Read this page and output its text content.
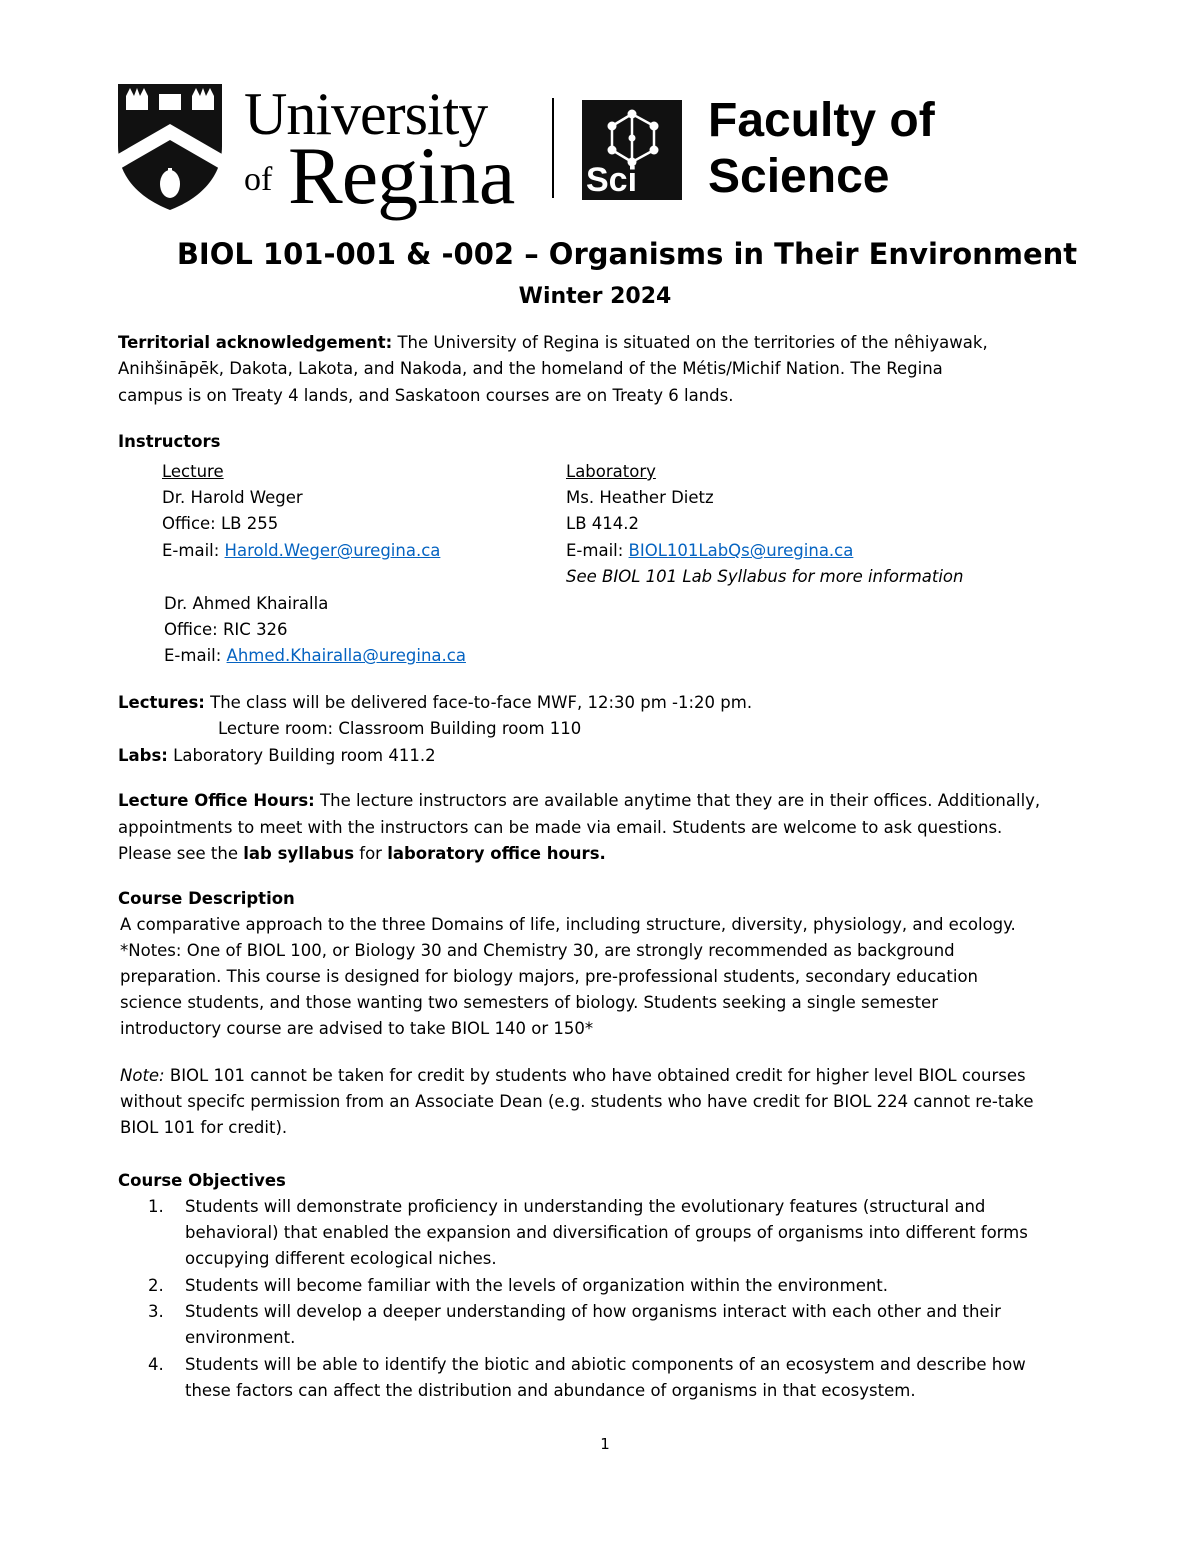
University
of Regina Sci
Faculty of
Science
BIOL 101-001 & -002 – Organisms in Their Environment
Winter 2024
Territorial acknowledgement: The University of Regina is situated on the territories of the nêhiyawak,
Anihšināpēk, Dakota, Lakota, and Nakoda, and the homeland of the Métis/Michif Nation. The Regina
campus is on Treaty 4 lands, and Saskatoon courses are on Treaty 6 lands.
Instructors
Lecture
Dr. Harold Weger
Office: LB 255
E-mail: Harold.Weger@uregina.ca
Laboratory
Ms. Heather Dietz
LB 414.2
E-mail: BIOL101LabQs@uregina.ca
See BIOL 101 Lab Syllabus for more information
Dr. Ahmed Khairalla
Office: RIC 326
E-mail: Ahmed.Khairalla@uregina.ca
Lectures: The class will be delivered face-to-face MWF, 12:30 pm -1:20 pm.
Lecture room: Classroom Building room 110
Labs: Laboratory Building room 411.2
Lecture Office Hours: The lecture instructors are available anytime that they are in their offices. Additionally,
appointments to meet with the instructors can be made via email. Students are welcome to ask questions.
Please see the lab syllabus for laboratory office hours.
Course Description
A comparative approach to the three Domains of life, including structure, diversity, physiology, and ecology.
*Notes: One of BIOL 100, or Biology 30 and Chemistry 30, are strongly recommended as background
preparation. This course is designed for biology majors, pre-professional students, secondary education
science students, and those wanting two semesters of biology. Students seeking a single semester
introductory course are advised to take BIOL 140 or 150*
Note: BIOL 101 cannot be taken for credit by students who have obtained credit for higher level BIOL courses
without specifc permission from an Associate Dean (e.g. students who have credit for BIOL 224 cannot re-take
BIOL 101 for credit).
Course Objectives
1. Students will demonstrate proficiency in understanding the evolutionary features (structural and
behavioral) that enabled the expansion and diversification of groups of organisms into different forms
occupying different ecological niches.
2. Students will become familiar with the levels of organization within the environment.
3. Students will develop a deeper understanding of how organisms interact with each other and their
environment.
4. Students will be able to identify the biotic and abiotic components of an ecosystem and describe how
these factors can affect the distribution and abundance of organisms in that ecosystem.
1
